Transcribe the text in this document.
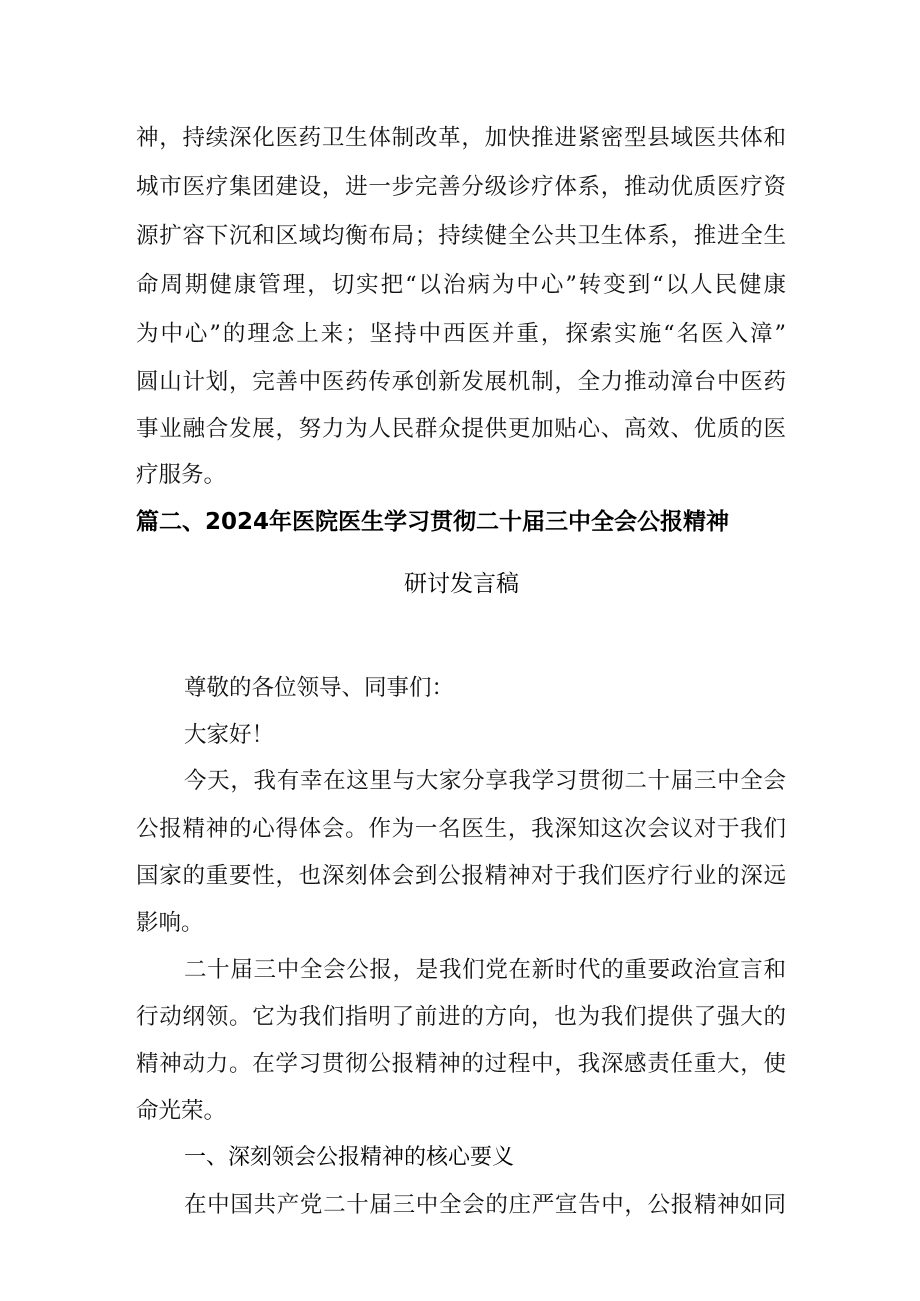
神，持续深化医药卫生体制改革，加快推进紧密型县域医共体和
城市医疗集团建设，进一步完善分级诊疗体系，推动优质医疗资
源扩容下沉和区域均衡布局；持续健全公共卫生体系，推进全生
命周期健康管理，切实把“以治病为中心”转变到“以人民健康
为中心”的理念上来；坚持中西医并重，探索实施“名医入漳”
圆山计划，完善中医药传承创新发展机制，全力推动漳台中医药
事业融合发展，努力为人民群众提供更加贴心、高效、优质的医
疗服务。
篇二、2024年医院医生学习贯彻二十届三中全会公报精神
研讨发言稿
尊敬的各位领导、同事们：
大家好！
今天，我有幸在这里与大家分享我学习贯彻二十届三中全会
公报精神的心得体会。作为一名医生，我深知这次会议对于我们
国家的重要性，也深刻体会到公报精神对于我们医疗行业的深远
影响。
二十届三中全会公报，是我们党在新时代的重要政治宣言和
行动纲领。它为我们指明了前进的方向，也为我们提供了强大的
精神动力。在学习贯彻公报精神的过程中，我深感责任重大，使
命光荣。
一、深刻领会公报精神的核心要义
在中国共产党二十届三中全会的庄严宣告中，公报精神如同
